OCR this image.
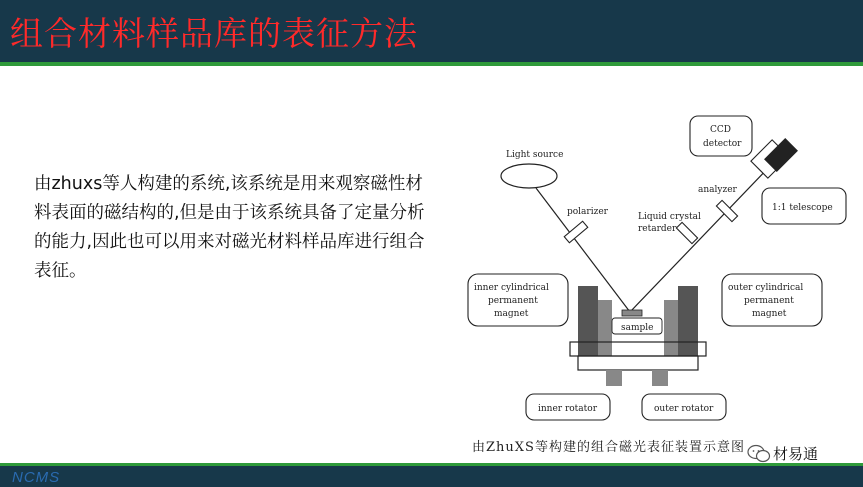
组合材料样品库的表征方法
由zhuxs等人构建的系统,该系统是用来观察磁性材料表面的磁结构的,但是由于该系统具备了定量分析的能力,因此也可以用来对磁光材料样品库进行组合表征。
Light source
polarizer	Liquid crystal
retarder
analyzer
CCD
detector
1:1 telescope
sample
inner cylindrical
permanent
magnet
outer cylindrical
permanent
magnet
inner rotator	outer rotator
由ZhuXS等构建的组合磁光表征装置示意图
NCMS
材易通
